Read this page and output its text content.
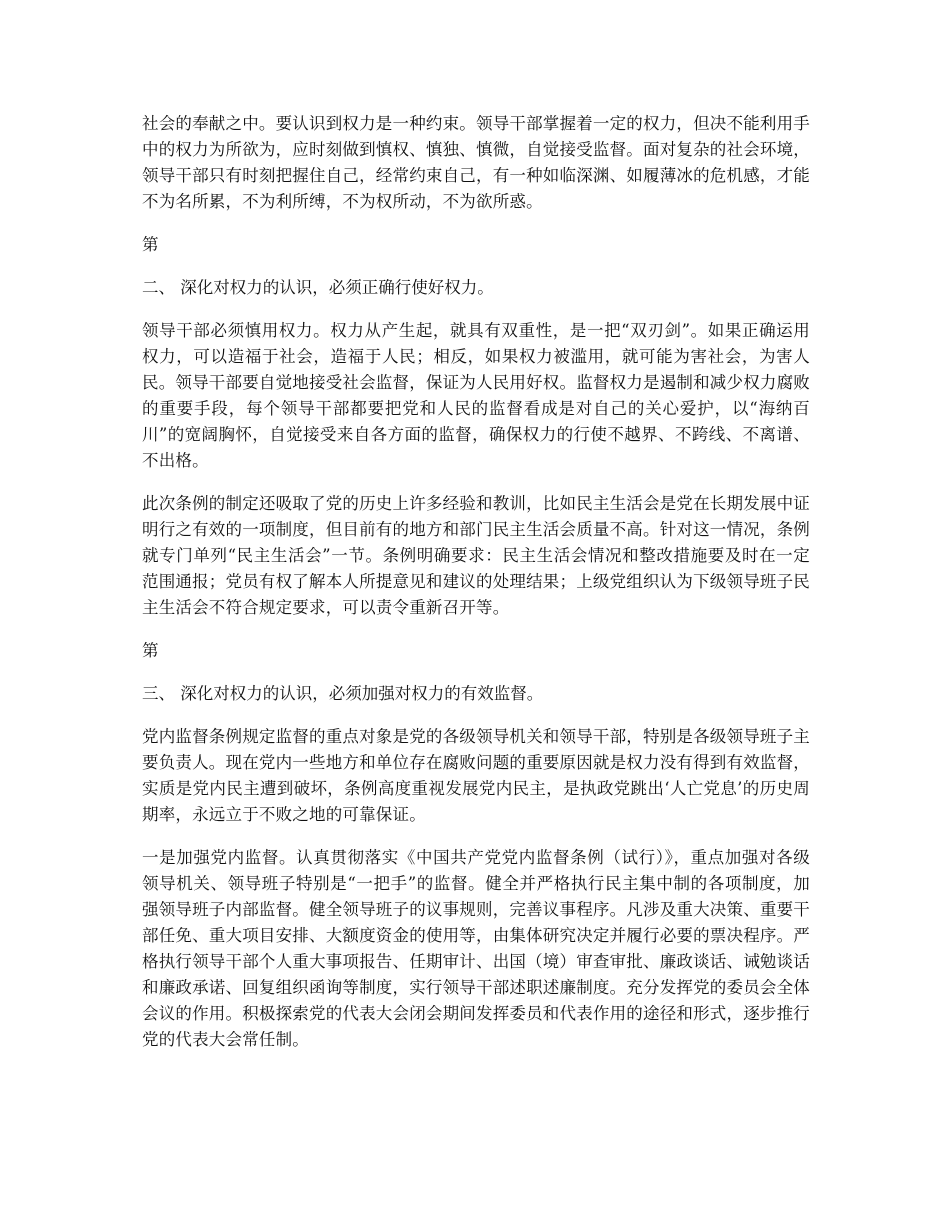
社会的奉献之中。要认识到权力是一种约束。领导干部掌握着一定的权力，但决不能利用手中的权力为所欲为，应时刻做到慎权、慎独、慎微，自觉接受监督。面对复杂的社会环境，领导干部只有时刻把握住自己，经常约束自己，有一种如临深渊、如履薄冰的危机感，才能不为名所累，不为利所缚，不为权所动，不为欲所惑。

第

二、 深化对权力的认识，必须正确行使好权力。

领导干部必须慎用权力。权力从产生起，就具有双重性，是一把“双刃剑”。如果正确运用权力，可以造福于社会，造福于人民；相反，如果权力被滥用，就可能为害社会，为害人民。领导干部要自觉地接受社会监督，保证为人民用好权。监督权力是遏制和减少权力腐败的重要手段，每个领导干部都要把党和人民的监督看成是对自己的关心爱护，以“海纳百川”的宽阔胸怀，自觉接受来自各方面的监督，确保权力的行使不越界、不跨线、不离谱、不出格。

此次条例的制定还吸取了党的历史上许多经验和教训，比如民主生活会是党在长期发展中证明行之有效的一项制度，但目前有的地方和部门民主生活会质量不高。针对这一情况，条例就专门单列“民主生活会”一节。条例明确要求：民主生活会情况和整改措施要及时在一定范围通报；党员有权了解本人所提意见和建议的处理结果；上级党组织认为下级领导班子民主生活会不符合规定要求，可以责令重新召开等。

第

三、 深化对权力的认识，必须加强对权力的有效监督。

党内监督条例规定监督的重点对象是党的各级领导机关和领导干部，特别是各级领导班子主要负责人。现在党内一些地方和单位存在腐败问题的重要原因就是权力没有得到有效监督，实质是党内民主遭到破坏，条例高度重视发展党内民主，是执政党跳出‘人亡党息’的历史周期率，永远立于不败之地的可靠保证。

一是加强党内监督。认真贯彻落实《中国共产党党内监督条例（试行）》，重点加强对各级领导机关、领导班子特别是“一把手”的监督。健全并严格执行民主集中制的各项制度，加强领导班子内部监督。健全领导班子的议事规则，完善议事程序。凡涉及重大决策、重要干部任免、重大项目安排、大额度资金的使用等，由集体研究决定并履行必要的票决程序。严格执行领导干部个人重大事项报告、任期审计、出国（境）审查审批、廉政谈话、诫勉谈话和廉政承诺、回复组织函询等制度，实行领导干部述职述廉制度。充分发挥党的委员会全体会议的作用。积极探索党的代表大会闭会期间发挥委员和代表作用的途径和形式，逐步推行党的代表大会常任制。
